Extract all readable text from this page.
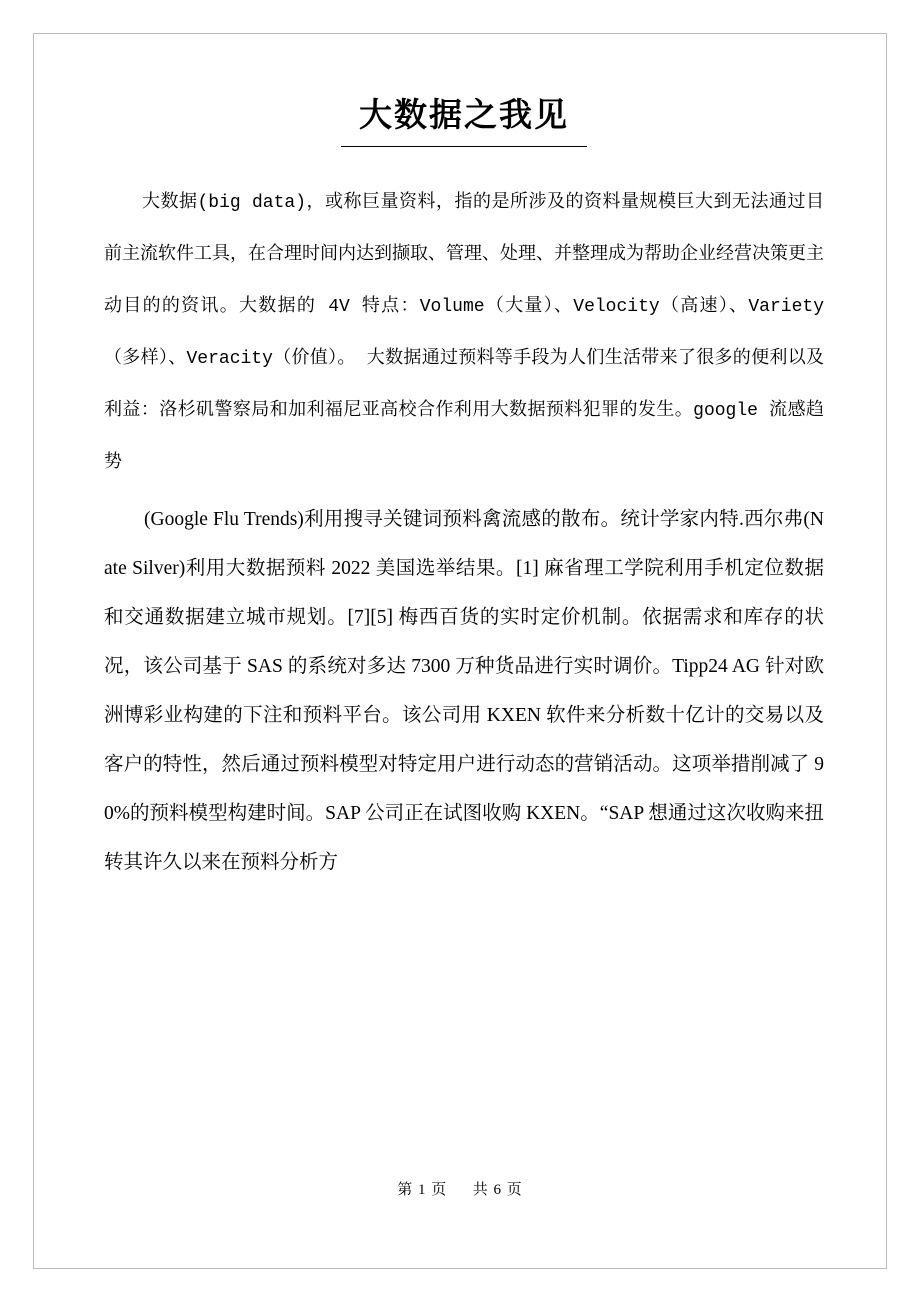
大数据之我见

大数据(big data)，或称巨量资料，指的是所涉及的资料量规模巨大到无法通过目前主流软件工具，在合理时间内达到撷取、管理、处理、并整理成为帮助企业经营决策更主动目的的资讯。大数据的 4V 特点：Volume（大量）、Velocity（高速）、Variety（多样）、Veracity（价值）。 大数据通过预料等手段为人们生活带来了很多的便利以及利益：洛杉矶警察局和加利福尼亚高校合作利用大数据预料犯罪的发生。google 流感趋势

(Google Flu Trends)利用搜寻关键词预料禽流感的散布。统计学家内特.西尔弗(Nate Silver)利用大数据预料 2022 美国选举结果。[1] 麻省理工学院利用手机定位数据和交通数据建立城市规划。[7][5] 梅西百货的实时定价机制。依据需求和库存的状况，该公司基于 SAS 的系统对多达 7300 万种货品进行实时调价。Tipp24 AG 针对欧洲博彩业构建的下注和预料平台。该公司用 KXEN 软件来分析数十亿计的交易以及客户的特性，然后通过预料模型对特定用户进行动态的营销活动。这项举措削减了 90%的预料模型构建时间。SAP 公司正在试图收购 KXEN。“SAP 想通过这次收购来扭转其许久以来在预料分析方

第 1 页 共 6 页
